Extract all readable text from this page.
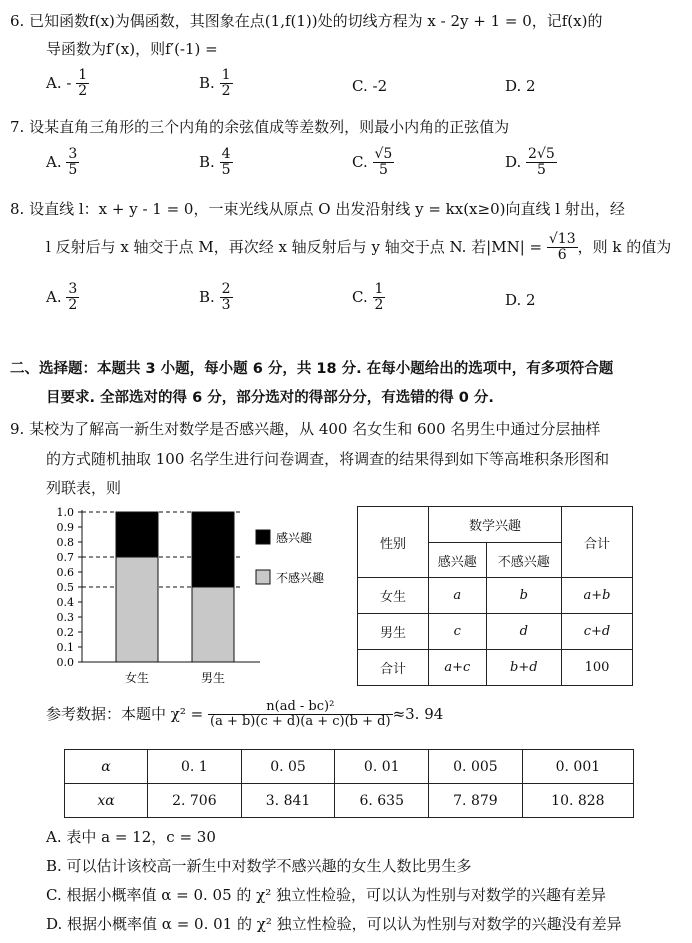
6. 已知函数f(x)为偶函数，其图象在点(1,f(1))处的切线方程为 x - 2y + 1 = 0，记f(x)的
导函数为f′(x)，则f′(-1) =
A. - $\frac{1}{2}$	B. $\frac{1}{2}$	C. -2	D. 2
7. 设某直角三角形的三个内角的余弦值成等差数列，则最小内角的正弦值为
A. $\frac{3}{5}$	B. $\frac{4}{5}$	C. $\frac{√5}{5}$	D. $\frac{2√5}{5}$
8. 设直线 l：x + y - 1 = 0，一束光线从原点 O 出发沿射线 y = kx(x≥0)向直线 l 射出，经
l 反射后与 x 轴交于点 M，再次经 x 轴反射后与 y 轴交于点 N. 若$|MN| = \frac{√13}{6}$ ，则 k 的值为
A. $\frac{3}{2}$	B. $\frac{2}{3}$	C. $\frac{1}{2}$	D. 2
二、选择题：本题共 3 小题，每小题 6 分，共 18 分. 在每小题给出的选项中，有多项符合题
目要求. 全部选对的得 6 分，部分选对的得部分分，有选错的得 0 分.
9. 某校为了解高一新生对数学是否感兴趣，从 400 名女生和 600 名男生中通过分层抽样
的方式随机抽取 100 名学生进行问卷调查，将调查的结果得到如下等高堆积条形图和
列联表，则
0.0
0.1
0.2
0.3
0.4
0.5
0.6
0.7
0.8
0.9
1.0
女生	男生
感兴趣
不感兴趣
性别	数学兴趣		合计
	感兴趣	不感兴趣	
女生	a	b	a+b
男生	c	d	c+d
合计	a+c	b+d	100
参考数据：本题中 $\chi^2 = \frac{\text{n(ad - bc)²}}{(a + b)(c + d)(a + c)(b + d)} \approx 3$. 94
α	0. 1	0. 05	0. 01	0. 005	0. 001
xα	2. 706	3. 841	6. 635	7. 879	10. 828
A. 表中 a = 12，c = 30
B. 可以估计该校高一新生中对数学不感兴趣的女生人数比男生多
C. 根据小概率值 α = 0. 05 的 χ² 独立性检验，可以认为性别与对数学的兴趣有差异
D. 根据小概率值 α = 0. 01 的 χ² 独立性检验，可以认为性别与对数学的兴趣没有差异
